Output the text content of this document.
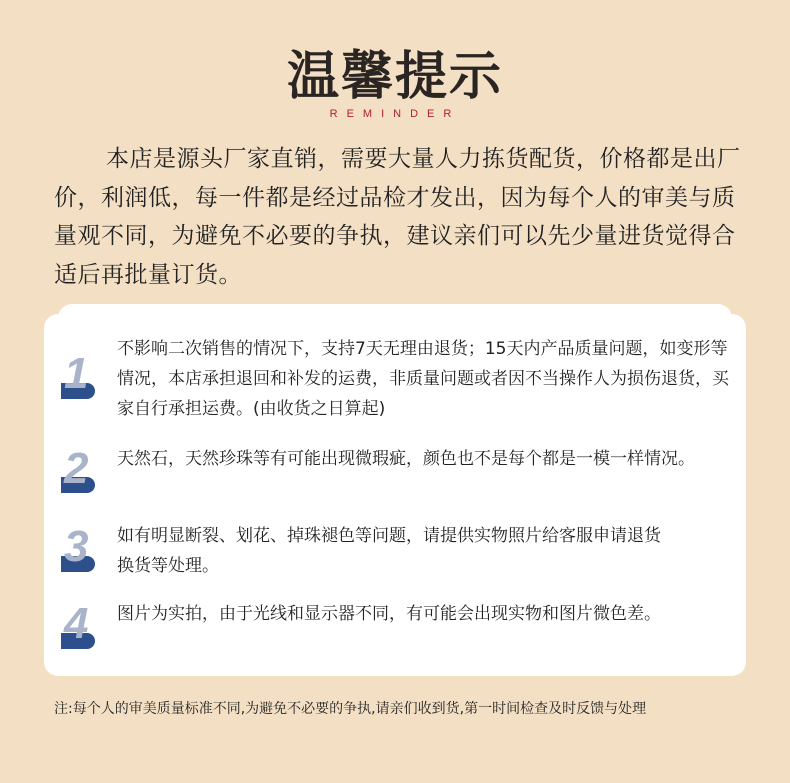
温馨提示
REMINDER
本店是源头厂家直销，需要大量人力拣货配货，价格都是出厂价，利润低，每一件都是经过品检才发出，因为每个人的审美与质量观不同，为避免不必要的争执，建议亲们可以先少量进货觉得合适后再批量订货。
1 不影响二次销售的情况下，支持7天无理由退货；15天内产品质量问题，如变形等情况，本店承担退回和补发的运费，非质量问题或者因不当操作人为损伤退货，买家自行承担运费。(由收货之日算起)
2 天然石，天然珍珠等有可能出现微瑕疵，颜色也不是每个都是一模一样情况。
3 如有明显断裂、划花、掉珠褪色等问题，请提供实物照片给客服申请退货换货等处理。
4 图片为实拍，由于光线和显示器不同，有可能会出现实物和图片微色差。
注:每个人的审美质量标准不同,为避免不必要的争执,请亲们收到货,第一时间检查及时反馈与处理
